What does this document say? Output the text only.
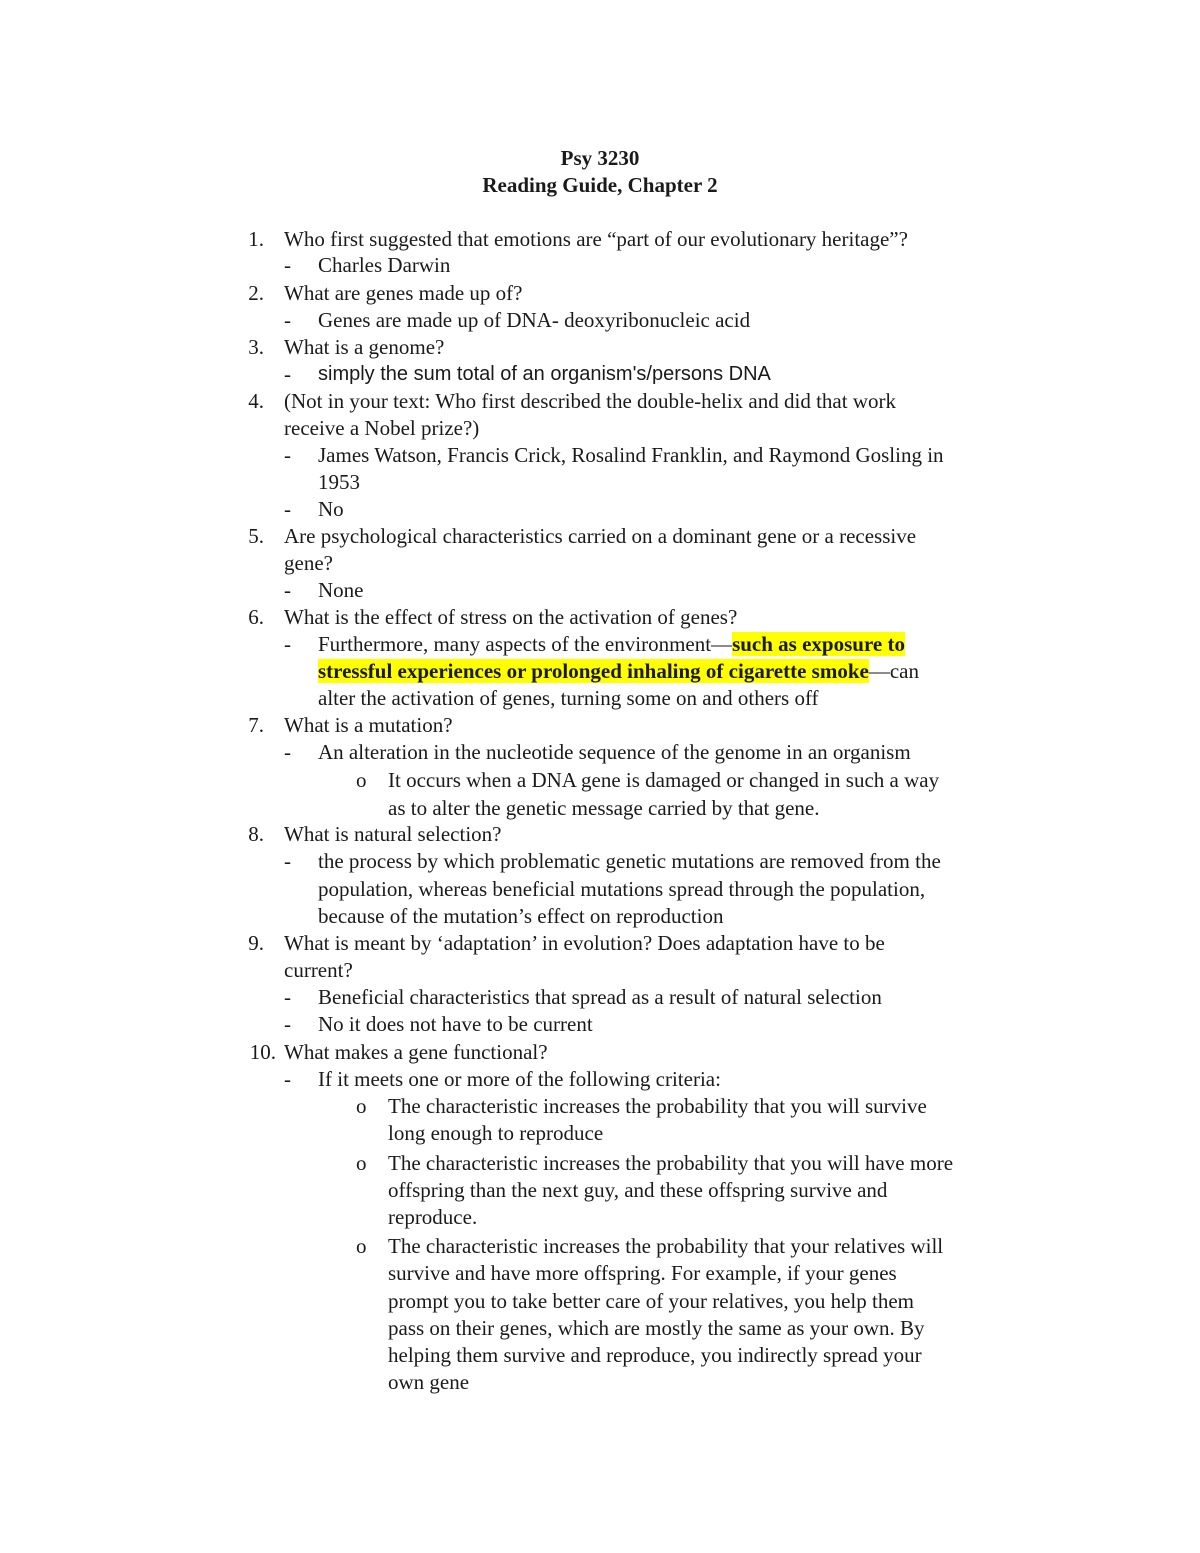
Psy 3230
Reading Guide, Chapter 2
1. Who first suggested that emotions are “part of our evolutionary heritage”?
- Charles Darwin
2. What are genes made up of?
- Genes are made up of DNA- deoxyribonucleic acid
3. What is a genome?
- simply the sum total of an organism's/persons DNA
4. (Not in your text: Who first described the double-helix and did that work
receive a Nobel prize?)
- James Watson, Francis Crick, Rosalind Franklin, and Raymond Gosling in
1953
- No
5. Are psychological characteristics carried on a dominant gene or a recessive
gene?
- None
6. What is the effect of stress on the activation of genes?
- Furthermore, many aspects of the environment—such as exposure to
stressful experiences or prolonged inhaling of cigarette smoke—can
alter the activation of genes, turning some on and others off
7. What is a mutation?
- An alteration in the nucleotide sequence of the genome in an organism
o It occurs when a DNA gene is damaged or changed in such a way
as to alter the genetic message carried by that gene.
8. What is natural selection?
- the process by which problematic genetic mutations are removed from the
population, whereas beneficial mutations spread through the population,
because of the mutation’s effect on reproduction
9. What is meant by ‘adaptation’ in evolution? Does adaptation have to be
current?
- Beneficial characteristics that spread as a result of natural selection
- No it does not have to be current
10. What makes a gene functional?
- If it meets one or more of the following criteria:
o The characteristic increases the probability that you will survive
long enough to reproduce
o The characteristic increases the probability that you will have more
offspring than the next guy, and these offspring survive and
reproduce.
o The characteristic increases the probability that your relatives will
survive and have more offspring. For example, if your genes
prompt you to take better care of your relatives, you help them
pass on their genes, which are mostly the same as your own. By
helping them survive and reproduce, you indirectly spread your
own gene
